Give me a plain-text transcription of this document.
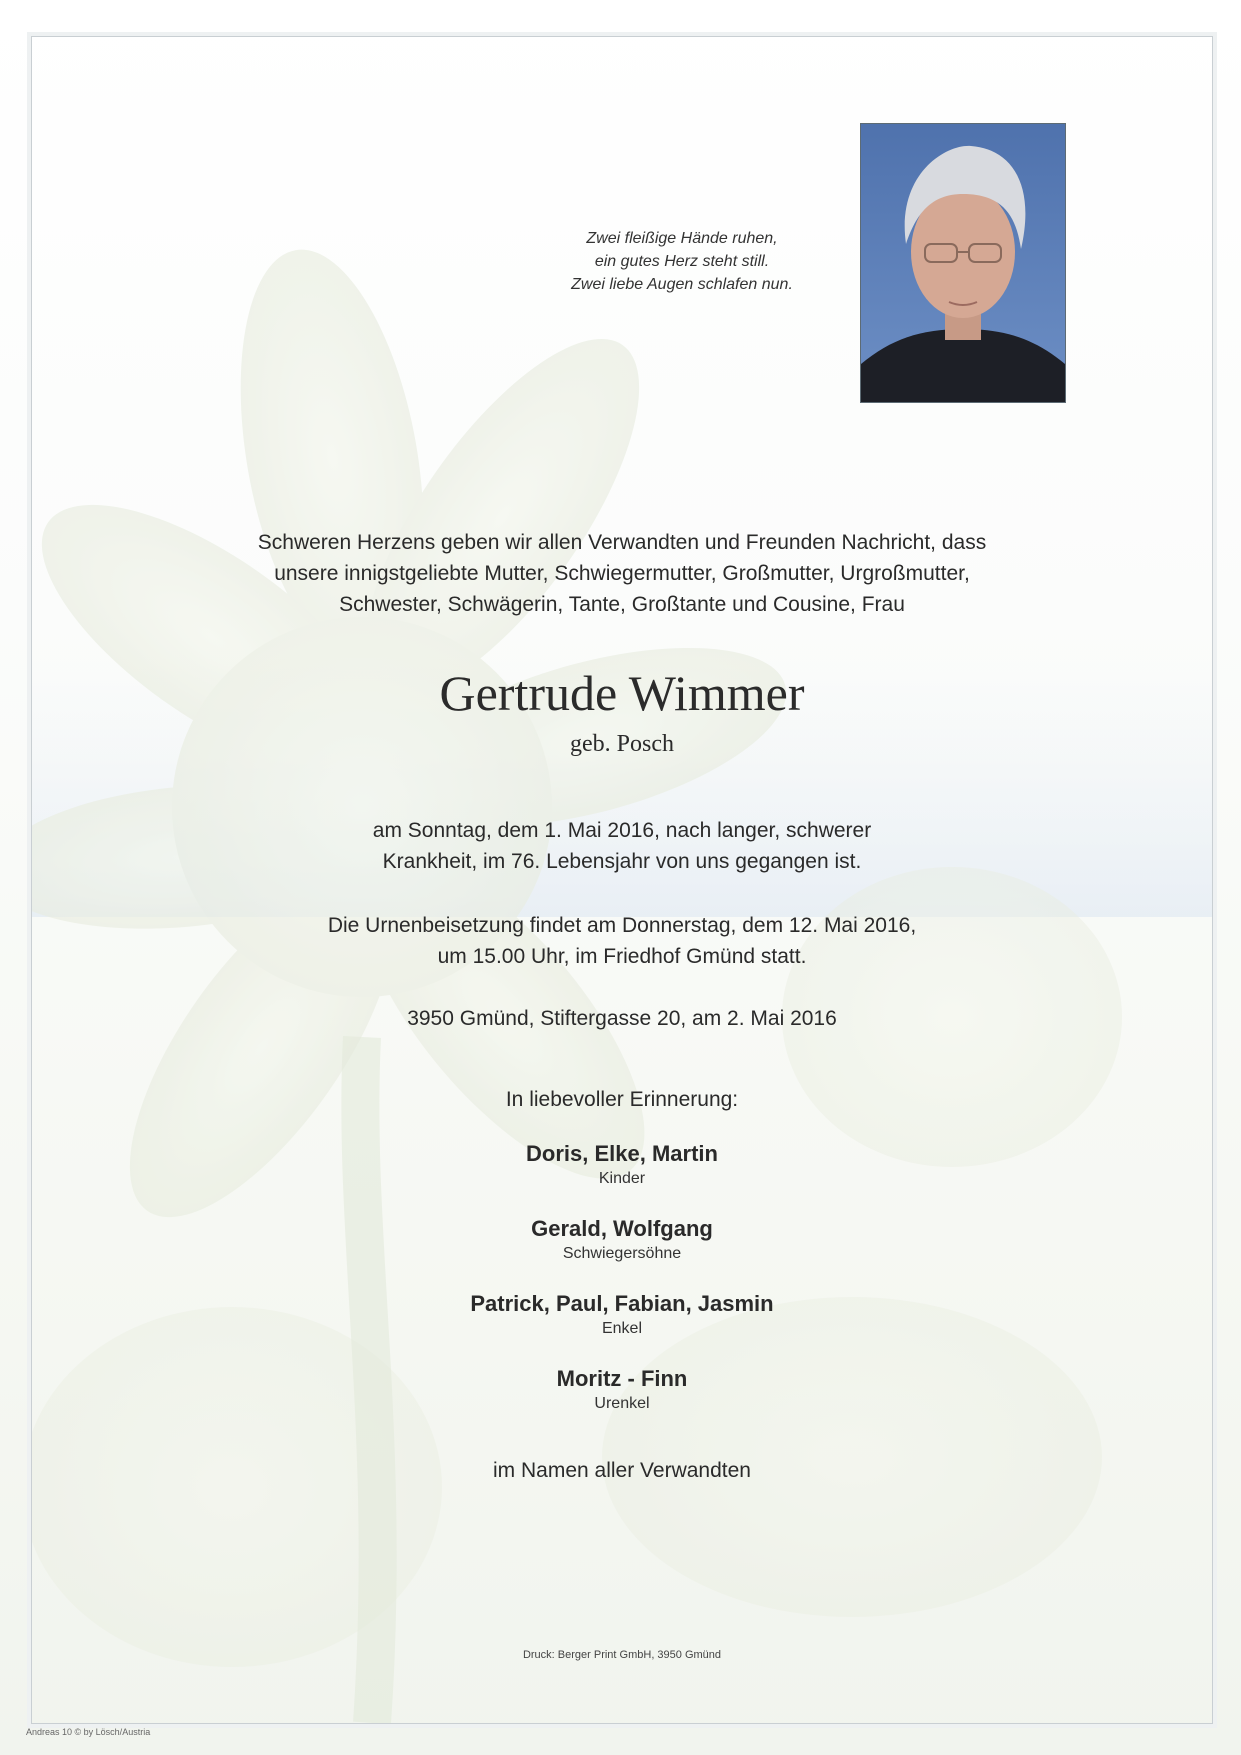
Zwei fleißige Hände ruhen,
ein gutes Herz steht still.
Zwei liebe Augen schlafen nun.
Schweren Herzens geben wir allen Verwandten und Freunden Nachricht, dass
unsere innigstgeliebte Mutter, Schwiegermutter, Großmutter, Urgroßmutter,
Schwester, Schwägerin, Tante, Großtante und Cousine, Frau
Gertrude Wimmer
geb. Posch
am Sonntag, dem 1. Mai 2016, nach langer, schwerer
Krankheit, im 76. Lebensjahr von uns gegangen ist.
Die Urnenbeisetzung findet am Donnerstag, dem 12. Mai 2016,
um 15.00 Uhr, im Friedhof Gmünd statt.
3950 Gmünd, Stiftergasse 20, am 2. Mai 2016
In liebevoller Erinnerung:
Doris, Elke, Martin
Kinder
Gerald, Wolfgang
Schwiegersöhne
Patrick, Paul, Fabian, Jasmin
Enkel
Moritz - Finn
Urenkel
im Namen aller Verwandten
Druck: Berger Print GmbH, 3950 Gmünd
Andreas 10 © by Lösch/Austria
